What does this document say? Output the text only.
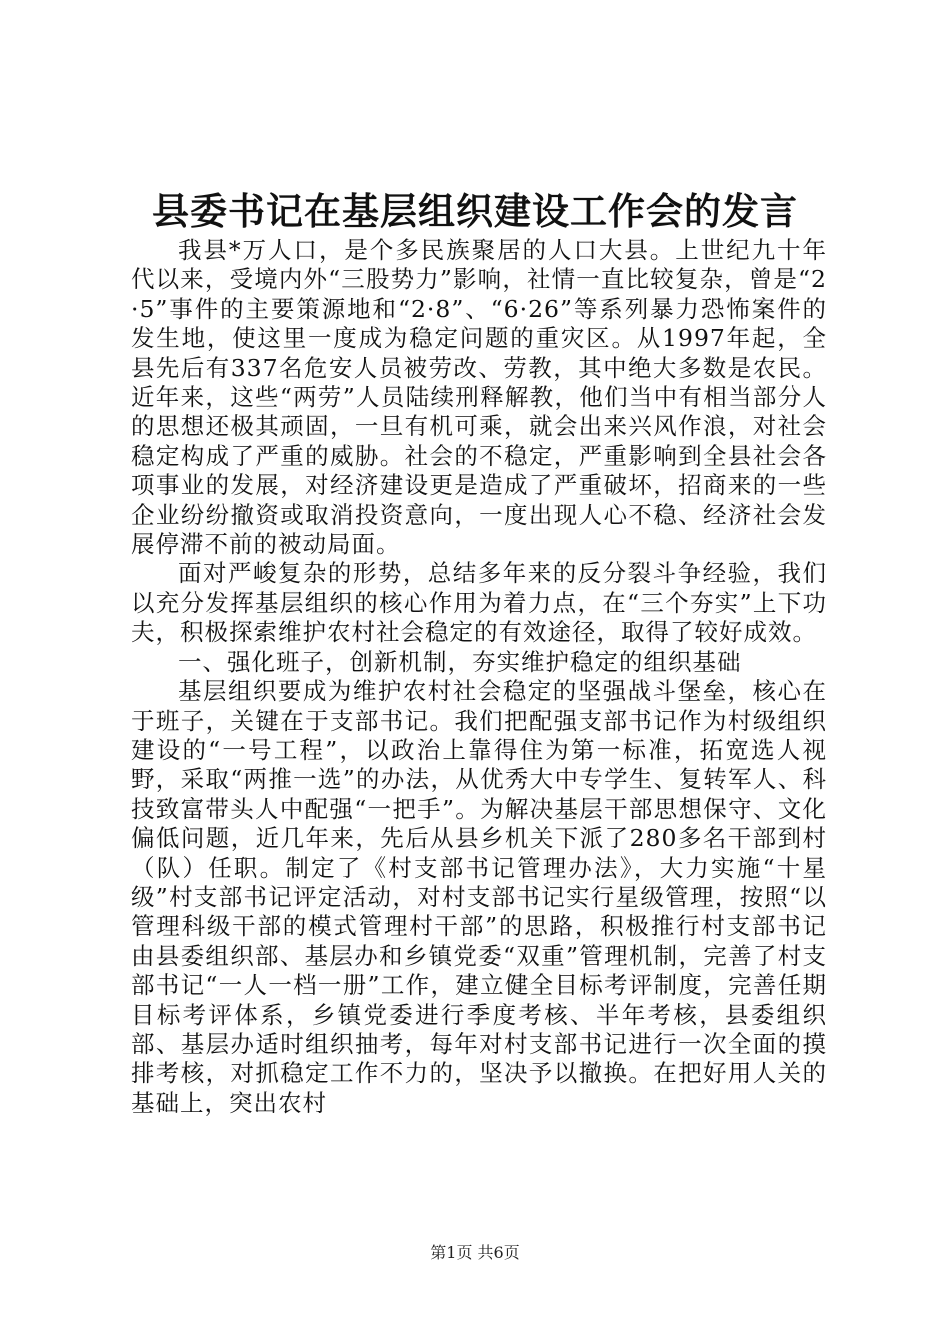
县委书记在基层组织建设工作会的发言

我县*万人口，是个多民族聚居的人口大县。上世纪九十年代以来，受境内外“三股势力”影响，社情一直比较复杂，曾是“2·5”事件的主要策源地和“2·8”、“6·26”等系列暴力恐怖案件的发生地，使这里一度成为稳定问题的重灾区。从1997年起，全县先后有337名危安人员被劳改、劳教，其中绝大多数是农民。近年来，这些“两劳”人员陆续刑释解教，他们当中有相当部分人的思想还极其顽固，一旦有机可乘，就会出来兴风作浪，对社会稳定构成了严重的威胁。社会的不稳定，严重影响到全县社会各项事业的发展，对经济建设更是造成了严重破坏，招商来的一些企业纷纷撤资或取消投资意向，一度出现人心不稳、经济社会发展停滞不前的被动局面。

面对严峻复杂的形势，总结多年来的反分裂斗争经验，我们以充分发挥基层组织的核心作用为着力点，在“三个夯实”上下功夫，积极探索维护农村社会稳定的有效途径，取得了较好成效。

一、强化班子，创新机制，夯实维护稳定的组织基础

基层组织要成为维护农村社会稳定的坚强战斗堡垒，核心在于班子，关键在于支部书记。我们把配强支部书记作为村级组织建设的“一号工程”，以政治上靠得住为第一标准，拓宽选人视野，采取“两推一选”的办法，从优秀大中专学生、复转军人、科技致富带头人中配强“一把手”。为解决基层干部思想保守、文化偏低问题，近几年来，先后从县乡机关下派了280多名干部到村（队）任职。制定了《村支部书记管理办法》，大力实施“十星级”村支部书记评定活动，对村支部书记实行星级管理，按照“以管理科级干部的模式管理村干部”的思路，积极推行村支部书记由县委组织部、基层办和乡镇党委“双重”管理机制，完善了村支部书记“一人一档一册”工作，建立健全目标考评制度，完善任期目标考评体系，乡镇党委进行季度考核、半年考核，县委组织部、基层办适时组织抽考，每年对村支部书记进行一次全面的摸排考核，对抓稳定工作不力的，坚决予以撤换。在把好用人关的基础上，突出农村

第1页 共6页
